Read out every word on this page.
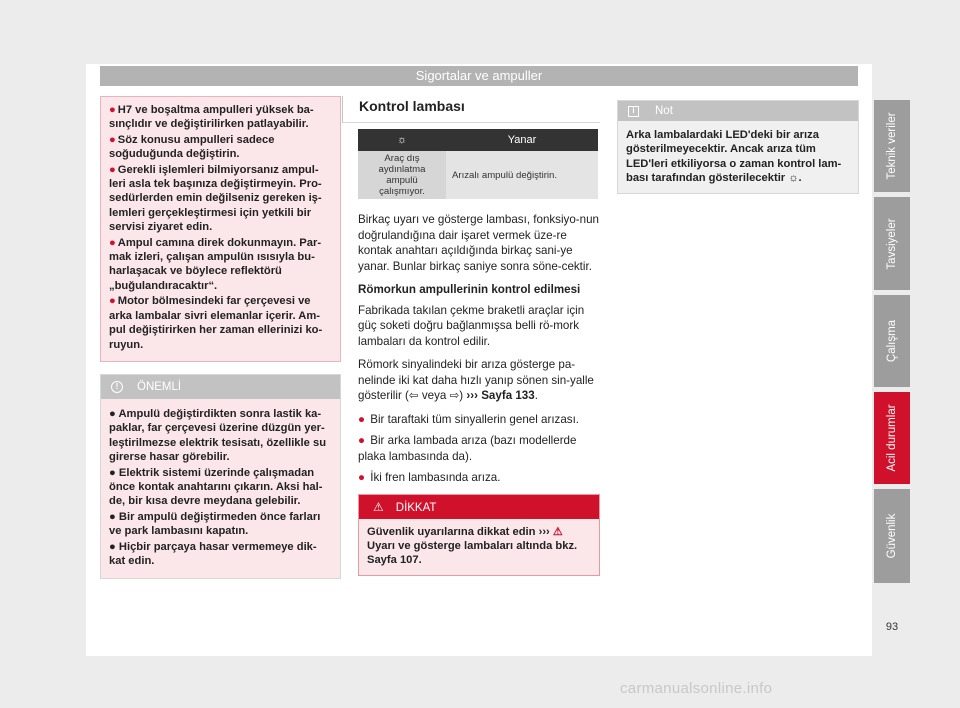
Sigortalar ve ampuller

● H7 ve boşaltma ampulleri yüksek ba-sınçlıdır ve değiştirilirken patlayabilir.

● Söz konusu ampulleri sadece soğuduğunda değiştirin.

● Gerekli işlemleri bilmiyorsanız ampul-leri asla tek başınıza değiştirmeyin. Pro-sedürlerden emin değilseniz gereken iş-lemleri gerçekleştirmesi için yetkili bir servisi ziyaret edin.

● Ampul camına direk dokunmayın. Par-mak izleri, çalışan ampulün ısısıyla bu-harlaşacak ve böylece reflektörü „buğulandıracaktır“.

● Motor bölmesindeki far çerçevesi ve arka lambalar sivri elemanlar içerir. Am-pul değiştirirken her zaman ellerinizi ko-ruyun.

!	ÖNEMLİ

● Ampulü değiştirdikten sonra lastik ka-paklar, far çerçevesi üzerine düzgün yer-leştirilmezse elektrik tesisatı, özellikle su girerse hasar görebilir.

● Elektrik sistemi üzerinde çalışmadan önce kontak anahtarını çıkarın. Aksi hal-de, bir kısa devre meydana gelebilir.

● Bir ampulü değiştirmeden önce farları ve park lambasını kapatın.

● Hiçbir parçaya hasar vermemeye dik-kat edin.

Kontrol lambası
☼	Yanar
Araç dış aydınlatma ampulü çalışmıyor.	Arızalı ampulü değiştirin.

Birkaç uyarı ve gösterge lambası, fonksiyo-nun doğrulandığına dair işaret vermek üze-re kontak anahtarı açıldığında birkaç sani-ye yanar. Bunlar birkaç saniye sonra söne-cektir.

Römorkun ampullerinin kontrol edilmesi

Fabrikada takılan çekme braketli araçlar için güç soketi doğru bağlanmışsa belli rö-mork lambaları da kontrol edilir.

Römork sinyalindeki bir arıza gösterge pa-nelinde iki kat daha hızlı yanıp sönen sin-yalle gösterilir (⇦ veya ⇨) ››› Sayfa 133.

● Bir taraftaki tüm sinyallerin genel arızası.

● Bir arka lambada arıza (bazı modellerde plaka lambasında da).

● İki fren lambasında arıza.

⚠ DİKKAT
Güvenlik uyarılarına dikkat edin ››› ⚠
Uyarı ve gösterge lambaları altında bkz. Sayfa 107.
i	Not
Arka lambalardaki LED'deki bir arıza gösterilmeyecektir. Ancak arıza tüm LED'leri etkiliyorsa o zaman kontrol lam-bası tarafından gösterilecektir ☼.	Teknik veriler
Tavsiyeler
Çalışma
Acil durumlar
Güvenlik
93
carmanualsonline.info
